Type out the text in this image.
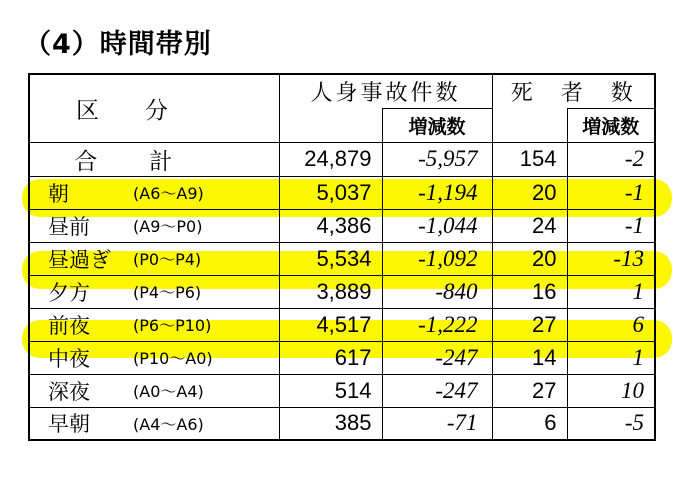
（4）時間帯別
区　　分		人身事故件数		死　者　数	
			増減数		増減数
合　　計		24,879	-5,957	154	-2
朝	(A6～A9)	5,037	-1,194	20	-1
昼前	(A9～P0)	4,386	-1,044	24	-1
昼過ぎ	(P0～P4)	5,534	-1,092	20	-13
夕方	(P4～P6)	3,889	-840	16	1
前夜	(P6～P10)	4,517	-1,222	27	6
中夜	(P10～A0)	617	-247	14	1
深夜	(A0～A4)	514	-247	27	10
早朝	(A4～A6)	385	-71	6	-5
